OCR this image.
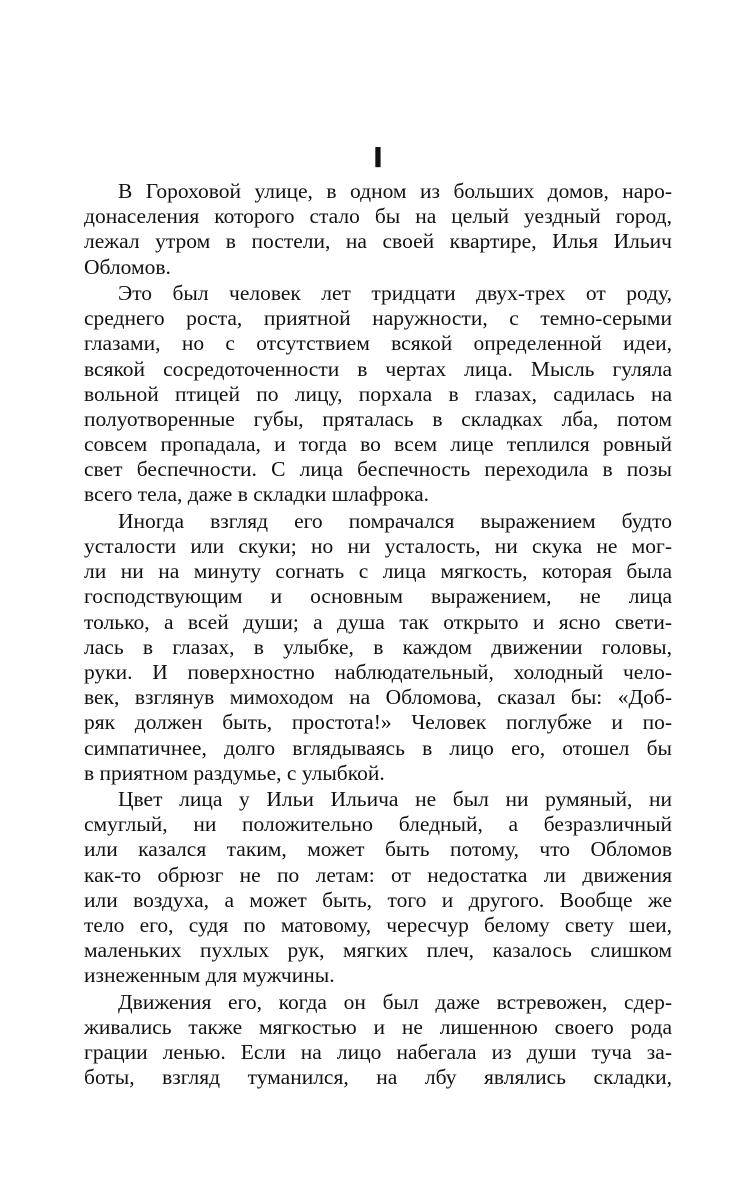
I
В Гороховой улице, в одном из больших домов, наро-
донаселения которого стало бы на целый уездный город,
лежал утром в постели, на своей квартире, Илья Ильич
Обломов.
Это был человек лет тридцати двух-трех от роду,
среднего роста, приятной наружности, с темно-серыми
глазами, но с отсутствием всякой определенной идеи,
всякой сосредоточенности в чертах лица. Мысль гуляла
вольной птицей по лицу, порхала в глазах, садилась на
полуотворенные губы, пряталась в складках лба, потом
совсем пропадала, и тогда во всем лице теплился ровный
свет беспечности. С лица беспечность переходила в позы
всего тела, даже в складки шлафрока.
Иногда взгляд его помрачался выражением будто
усталости или скуки; но ни усталость, ни скука не мог-
ли ни на минуту согнать с лица мягкость, которая была
господствующим и основным выражением, не лица
только, а всей души; а душа так открыто и ясно свети-
лась в глазах, в улыбке, в каждом движении головы,
руки. И поверхностно наблюдательный, холодный чело-
век, взглянув мимоходом на Обломова, сказал бы: «Доб-
ряк должен быть, простота!» Человек поглубже и по-
симпатичнее, долго вглядываясь в лицо его, отошел бы
в приятном раздумье, с улыбкой.
Цвет лица у Ильи Ильича не был ни румяный, ни
смуглый, ни положительно бледный, а безразличный
или казался таким, может быть потому, что Обломов
как-то обрюзг не по летам: от недостатка ли движения
или воздуха, а может быть, того и другого. Вообще же
тело его, судя по матовому, чересчур белому свету шеи,
маленьких пухлых рук, мягких плеч, казалось слишком
изнеженным для мужчины.
Движения его, когда он был даже встревожен, сдер-
живались также мягкостью и не лишенною своего рода
грации ленью. Если на лицо набегала из души туча за-
боты, взгляд туманился, на лбу являлись складки,
